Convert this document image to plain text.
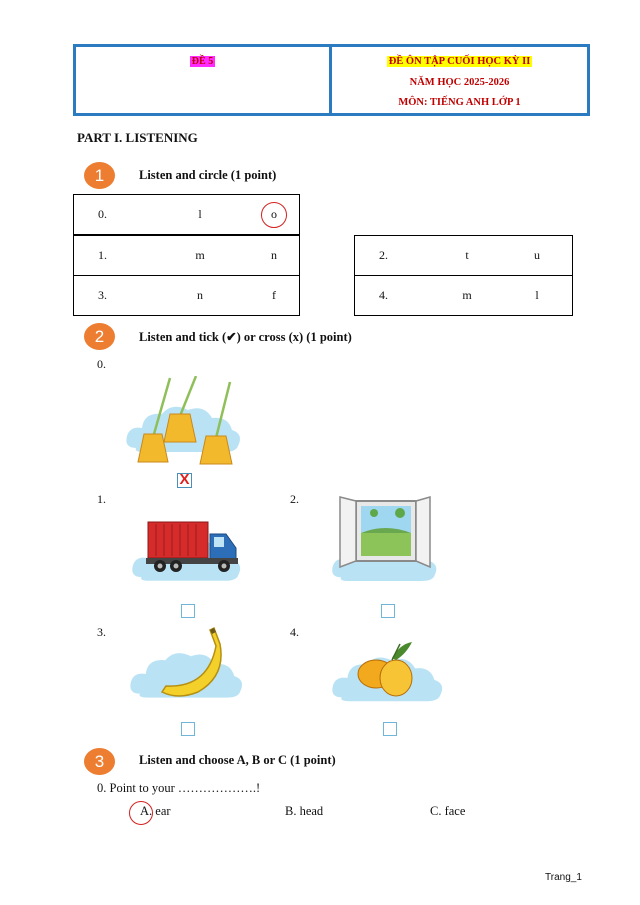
ĐỀ 5	ĐỀ ÔN TẬP CUỐI HỌC KỲ II
NĂM HỌC 2025-2026
MÔN: TIẾNG ANH LỚP 1
PART I. LISTENING
1	Listen and circle (1 point)
0.	l	o
1.	m	n

3.	n	f
2.	t	u

4.	m	l
2	Listen and tick (✔) or cross (x) (1 point)
0.
X
1.	2.
3.	4.
3	Listen and choose A, B or C (1 point)
0. Point to your ……………….!
A. ear	B. head	C. face
Trang_1
